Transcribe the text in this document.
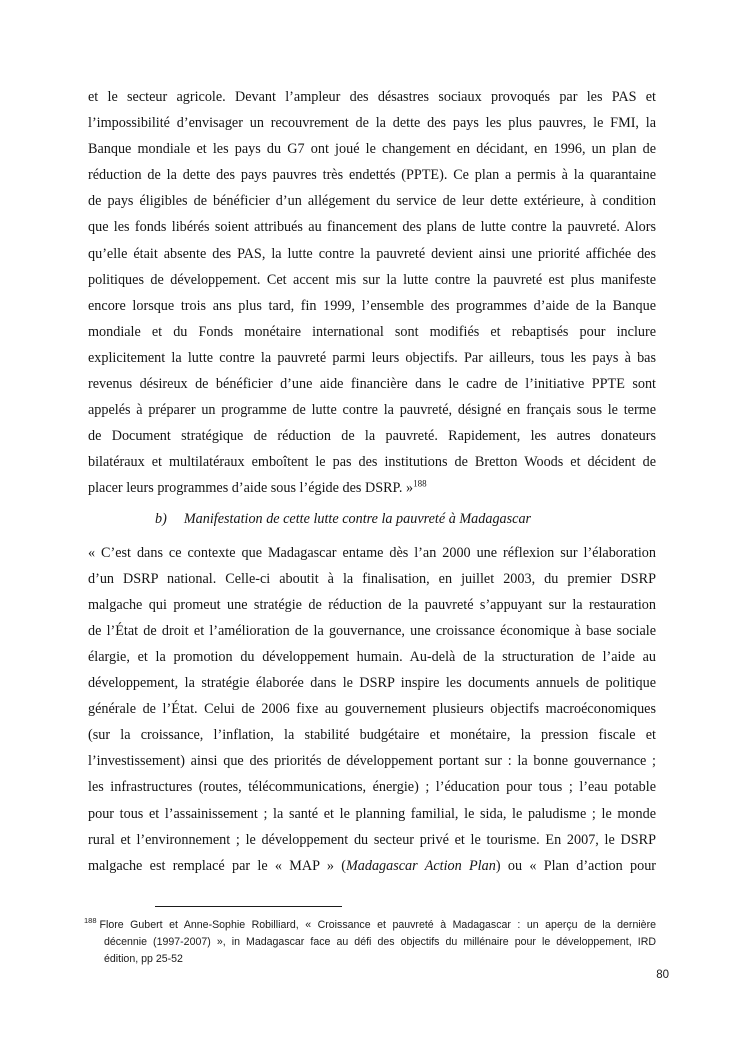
et le secteur agricole. Devant l’ampleur des désastres sociaux provoqués par les PAS et
l’impossibilité d’envisager un recouvrement de la dette des pays les plus pauvres, le FMI, la
Banque mondiale et les pays du G7 ont joué le changement en décidant, en 1996, un plan de
réduction de la dette des pays pauvres très endettés (PPTE). Ce plan a permis à la quarantaine
de pays éligibles de bénéficier d’un allégement du service de leur dette extérieure, à condition
que les fonds libérés soient attribués au financement des plans de lutte contre la pauvreté. Alors
qu’elle était absente des PAS, la lutte contre la pauvreté devient ainsi une priorité affichée des
politiques de développement. Cet accent mis sur la lutte contre la pauvreté est plus manifeste
encore lorsque trois ans plus tard, fin 1999, l’ensemble des programmes d’aide de la Banque
mondiale et du Fonds monétaire international sont modifiés et rebaptisés pour inclure
explicitement la lutte contre la pauvreté parmi leurs objectifs. Par ailleurs, tous les pays à bas
revenus désireux de bénéficier d’une aide financière dans le cadre de l’initiative PPTE sont
appelés à préparer un programme de lutte contre la pauvreté, désigné en français sous le terme
de Document stratégique de réduction de la pauvreté. Rapidement, les autres donateurs
bilatéraux et multilatéraux emboîtent le pas des institutions de Bretton Woods et décident de
placer leurs programmes d’aide sous l’égide des DSRP. »$^{188}$
b) Manifestation de cette lutte contre la pauvreté à Madagascar
« C’est dans ce contexte que Madagascar entame dès l’an 2000 une réflexion sur l’élaboration
d’un DSRP national. Celle-ci aboutit à la finalisation, en juillet 2003, du premier DSRP
malgache qui promeut une stratégie de réduction de la pauvreté s’appuyant sur la restauration
de l’État de droit et l’amélioration de la gouvernance, une croissance économique à base sociale
élargie, et la promotion du développement humain. Au-delà de la structuration de l’aide au
développement, la stratégie élaborée dans le DSRP inspire les documents annuels de politique
générale de l’État. Celui de 2006 fixe au gouvernement plusieurs objectifs macroéconomiques
(sur la croissance, l’inflation, la stabilité budgétaire et monétaire, la pression fiscale et
l’investissement) ainsi que des priorités de développement portant sur : la bonne gouvernance ;
les infrastructures (routes, télécommunications, énergie) ; l’éducation pour tous ; l’eau potable
pour tous et l’assainissement ; la santé et le planning familial, le sida, le paludisme ; le monde
rural et l’environnement ; le développement du secteur privé et le tourisme. En 2007, le DSRP
malgache est remplacé par le « MAP » (Madagascar Action Plan) ou « Plan d’action pour
$^{188}$ Flore Gubert et Anne-Sophie Robilliard, « Croissance et pauvreté à Madagascar : un aperçu de la dernière
décennie (1997-2007) », in Madagascar face au défi des objectifs du millénaire pour le développement, IRD
édition, pp 25-52
80
